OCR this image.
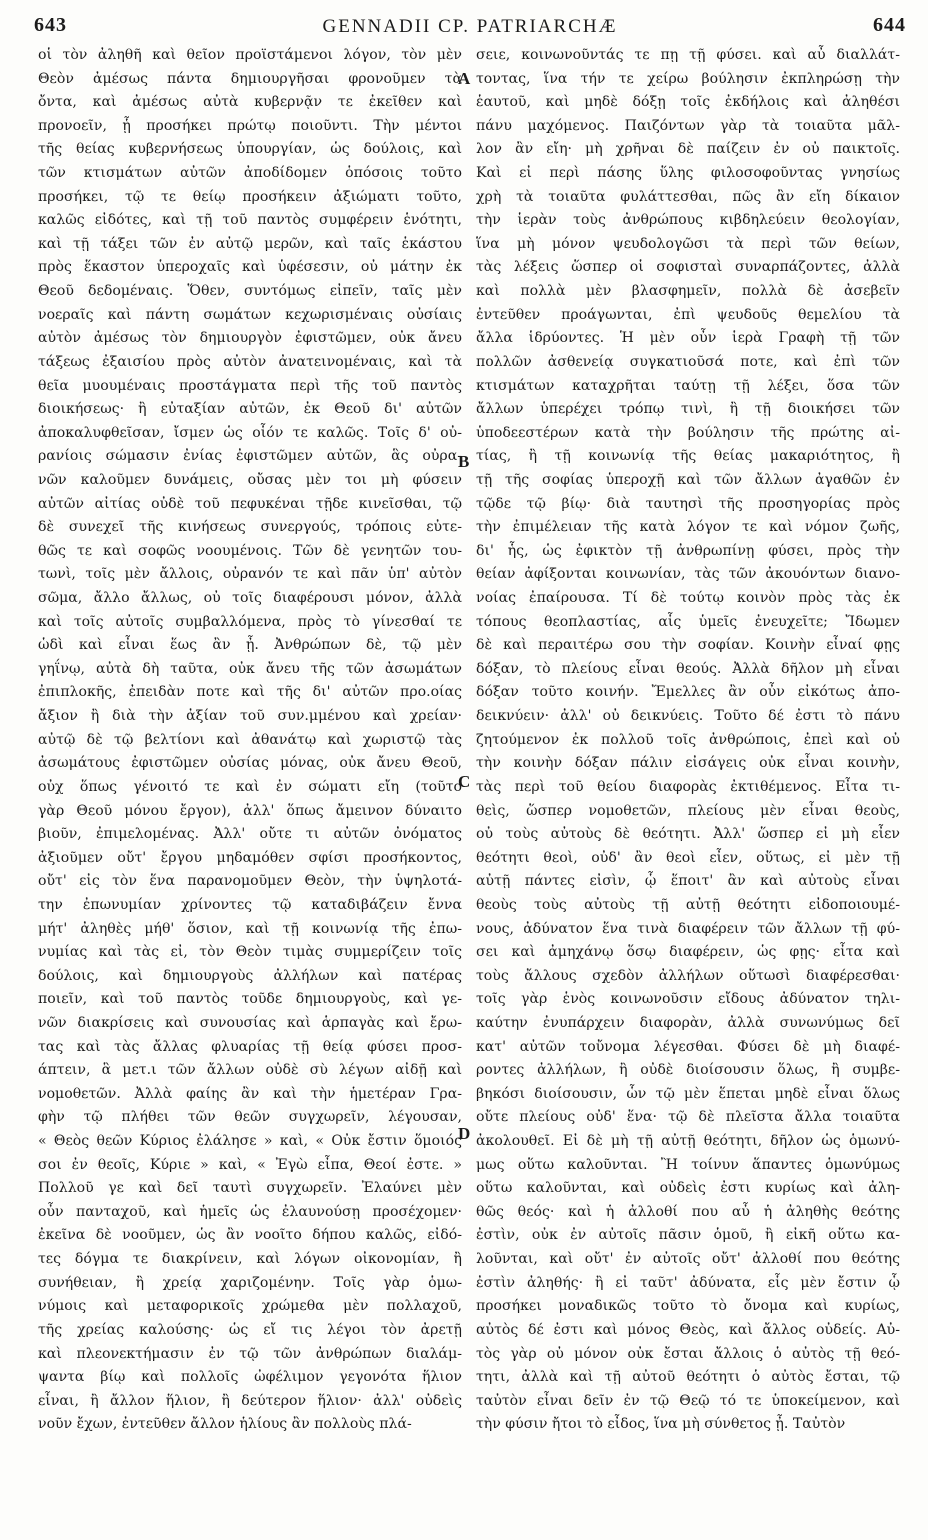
643	GENNADII CP. PATRIARCHÆ	644
A
B
C
D
οἱ τὸν ἀληθῆ καὶ θεῖον προϊστάμενοι λόγον, τὸν μὲν
Θεὸν ἀμέσως πάντα δημιουργῆσαι φρονοῦμεν τὰ
ὄντα, καὶ ἀμέσως αὐτὰ κυβερνᾷν τε ἐκεῖθεν καὶ
προνοεῖν, ᾗ προσήκει πρώτῳ ποιοῦντι. Τὴν μέντοι
τῆς θείας κυβερνήσεως ὑπουργίαν, ὡς δούλοις, καὶ
τῶν κτισμάτων αὐτῶν ἀποδίδομεν ὁπόσοις τοῦτο
προσήκει, τῷ τε θείῳ προσήκειν ἀξιώματι τοῦτο,
καλῶς εἰδότες, καὶ τῇ τοῦ παντὸς συμφέρειν ἑνότητι,
καὶ τῇ τάξει τῶν ἐν αὐτῷ μερῶν, καὶ ταῖς ἑκάστου
πρὸς ἕκαστον ὑπεροχαῖς καὶ ὑφέσεσιν, οὐ μάτην ἐκ
Θεοῦ δεδομέναις. Ὅθεν, συντόμως εἰπεῖν, ταῖς μὲν
νοεραῖς καὶ πάντη σωμάτων κεχωρισμέναις οὐσίαις
αὐτὸν ἀμέσως τὸν δημιουργὸν ἐφιστῶμεν, οὐκ ἄνευ
τάξεως ἐξαισίου πρὸς αὐτὸν ἀνατεινομέναις, καὶ τὰ
θεῖα μυουμέναις προστάγματα περὶ τῆς τοῦ παντὸς
διοικήσεως· ἢ εὐταξίαν αὐτῶν, ἐκ Θεοῦ δι' αὐτῶν
ἀποκαλυφθεῖσαν, ἴσμεν ὡς οἷόν τε καλῶς. Τοῖς δ' οὐ-
ρανίοις σώμασιν ἐνίας ἐφιστῶμεν αὐτῶν, ἃς οὐρα-
νῶν καλοῦμεν δυνάμεις, οὔσας μὲν τοι μὴ φύσειν
αὐτῶν αἰτίας οὐδὲ τοῦ πεφυκέναι τῇδε κινεῖσθαι, τῷ
δὲ συνεχεῖ τῆς κινήσεως συνεργούς, τρόποις εὐτε-
θῶς τε καὶ σοφῶς νοουμένοις. Τῶν δὲ γενητῶν του-
τωνὶ, τοῖς μὲν ἄλλοις, οὐρανόν τε καὶ πᾶν ὑπ' αὐτὸν
σῶμα, ἄλλο ἄλλως, οὐ τοῖς διαφέρουσι μόνον, ἀλλὰ
καὶ τοῖς αὐτοῖς συμβαλλόμενα, πρὸς τὸ γίνεσθαί τε
ὡδὶ καὶ εἶναι ἕως ἂν ᾖ. Ἀνθρώπων δὲ, τῷ μὲν
γηΐνῳ, αὐτὰ δὴ ταῦτα, οὐκ ἄνευ τῆς τῶν ἀσωμάτων
ἐπιπλοκῆς, ἐπειδὰν ποτε καὶ τῆς δι' αὐτῶν προ.οίας
ἄξιον ἢ διὰ τὴν ἀξίαν τοῦ συν.μμένου καὶ χρείαν·
αὐτῷ δὲ τῷ βελτίονι καὶ ἀθανάτῳ καὶ χωριστῷ τὰς
ἀσωμάτους ἐφιστῶμεν οὐσίας μόνας, οὐκ ἄνευ Θεοῦ,
οὐχ ὅπως γένοιτό τε καὶ ἐν σώματι εἴη (τοῦτο
γὰρ Θεοῦ μόνου ἔργον), ἀλλ' ὅπως ἄμεινον δύναιτο
βιοῦν, ἐπιμελομένας. Ἀλλ' οὔτε τι αὐτῶν ὀνόματος
ἀξιοῦμεν οὔτ' ἔργου μηδαμόθεν σφίσι προσήκοντος,
οὔτ' εἰς τὸν ἕνα παρανομοῦμεν Θεὸν, τὴν ὑψηλοτά-
την ἐπωνυμίαν χρίνοντες τῷ καταδιβάζειν ἔννα
μήτ' ἀληθὲς μήθ' ὅσιον, καὶ τῇ κοινωνίᾳ τῆς ἐπω-
νυμίας καὶ τὰς εἰ, τὸν Θεὸν τιμὰς συμμερίζειν τοῖς
δούλοις, καὶ δημιουργοὺς ἀλλήλων καὶ πατέρας
ποιεῖν, καὶ τοῦ παντὸς τοῦδε δημιουργοὺς, καὶ γε-
νῶν διακρίσεις καὶ συνουσίας καὶ ἁρπαγὰς καὶ ἔρω-
τας καὶ τὰς ἄλλας φλυαρίας τῇ θείᾳ φύσει προσ-
άπτειν, ἃ μετ.ι τῶν ἄλλων οὐδὲ σὺ λέγων αἰδῇ καὶ
νομοθετῶν. Ἀλλὰ φαίης ἂν καὶ τὴν ἡμετέραν Γρα-
φὴν τῷ πλήθει τῶν θεῶν συγχωρεῖν, λέγουσαν,
« Θεὸς θεῶν Κύριος ἐλάλησε » καὶ, « Οὐκ ἔστιν ὅμοιός
σοι ἐν θεοῖς, Κύριε » καὶ, « Ἐγὼ εἶπα, Θεοί ἐστε. »
Πολλοῦ γε καὶ δεῖ ταυτὶ συγχωρεῖν. Ἐλαύνει μὲν
οὖν πανταχοῦ, καὶ ἡμεῖς ὡς ἐλαυνούσῃ προσέχομεν·
ἐκεῖνα δὲ νοοῦμεν, ὡς ἂν νοοῖτο δήπου καλῶς, εἰδό-
τες δόγμα τε διακρίνειν, καὶ λόγων οἰκονομίαν, ἢ
συνήθειαν, ἢ χρείᾳ χαριζομένην. Τοῖς γὰρ ὁμω-
νύμοις καὶ μεταφορικοῖς χρώμεθα μὲν πολλαχοῦ,
τῆς χρείας καλούσης· ὡς εἴ τις λέγοι τὸν ἀρετῇ
καὶ πλεονεκτήμασιν ἐν τῷ τῶν ἀνθρώπων διαλάμ-
ψαντα βίῳ καὶ πολλοῖς ὠφέλιμον γεγονότα ἥλιον
εἶναι, ἢ ἄλλον ἥλιον, ἢ δεύτερον ἥλιον· ἀλλ' οὐδεὶς
νοῦν ἔχων, ἐντεῦθεν ἄλλον ἡλίους ἂν πολλοὺς πλά-
σειε, κοινωνοῦντάς τε πῃ τῇ φύσει. καὶ αὖ διαλλάτ-
τοντας, ἵνα τήν τε χείρω βούλησιν ἐκπληρώσῃ τὴν
ἑαυτοῦ, καὶ μηδὲ δόξῃ τοῖς ἐκδήλοις καὶ ἀληθέσι
πάνυ μαχόμενος. Παιζόντων γὰρ τὰ τοιαῦτα μᾶλ-
λον ἂν εἴη· μὴ χρῆναι δὲ παίζειν ἐν οὐ παικτοῖς.
Καὶ εἰ περὶ πάσης ὕλης φιλοσοφοῦντας γνησίως
χρὴ τὰ τοιαῦτα φυλάττεσθαι, πῶς ἂν εἴη δίκαιον
τὴν ἱερὰν τοὺς ἀνθρώπους κιβδηλεύειν θεολογίαν,
ἵνα μὴ μόνον ψευδολογῶσι τὰ περὶ τῶν θείων,
τὰς λέξεις ὥσπερ οἱ σοφισταὶ συναρπάζοντες, ἀλλὰ
καὶ πολλὰ μὲν βλασφημεῖν, πολλὰ δὲ ἀσεβεῖν
ἐντεῦθεν προάγωνται, ἐπὶ ψευδοῦς θεμελίου τὰ
ἄλλα ἱδρύοντες. Ἡ μὲν οὖν ἱερὰ Γραφὴ τῇ τῶν
πολλῶν ἀσθενείᾳ συγκατιοῦσά ποτε, καὶ ἐπὶ τῶν
κτισμάτων καταχρῆται ταύτῃ τῇ λέξει, ὅσα τῶν
ἄλλων ὑπερέχει τρόπῳ τινὶ, ἢ τῇ διοικήσει τῶν
ὑποδεεστέρων κατὰ τὴν βούλησιν τῆς πρώτης αἰ-
τίας, ἢ τῇ κοινωνίᾳ τῆς θείας μακαριότητος, ἢ
τῇ τῆς σοφίας ὑπεροχῇ καὶ τῶν ἄλλων ἀγαθῶν ἐν
τῷδε τῷ βίῳ· διὰ ταυτησὶ τῆς προσηγορίας πρὸς
τὴν ἐπιμέλειαν τῆς κατὰ λόγον τε καὶ νόμον ζωῆς,
δι' ἧς, ὡς ἐφικτὸν τῇ ἀνθρωπίνῃ φύσει, πρὸς τὴν
θείαν ἀφίξονται κοινωνίαν, τὰς τῶν ἀκουόντων διανο-
νοίας ἐπαίρουσα. Τί δὲ τούτῳ κοινὸν πρὸς τὰς ἐκ
τόπους θεοπλαστίας, αἷς ὑμεῖς ἐνευχεῖτε; Ἴδωμεν
δὲ καὶ περαιτέρω σου τὴν σοφίαν. Κοινὴν εἶναί φῃς
δόξαν, τὸ πλείους εἶναι θεούς. Ἀλλὰ δῆλον μὴ εἶναι
δόξαν τοῦτο κοινήν. Ἔμελλες ἂν οὖν εἰκότως ἀπο-
δεικνύειν· ἀλλ' οὐ δεικνύεις. Τοῦτο δέ ἐστι τὸ πάνυ
ζητούμενον ἐκ πολλοῦ τοῖς ἀνθρώποις, ἐπεὶ καὶ οὐ
τὴν κοινὴν δόξαν πάλιν εἰσάγεις οὐκ εἶναι κοινὴν,
τὰς περὶ τοῦ θείου διαφορὰς ἐκτιθέμενος. Εἶτα τι-
θεὶς, ὥσπερ νομοθετῶν, πλείους μὲν εἶναι θεοὺς,
οὐ τοὺς αὐτοὺς δὲ θεότητι. Ἀλλ' ὥσπερ εἰ μὴ εἶεν
θεότητι θεοὶ, οὐδ' ἂν θεοὶ εἶεν, οὕτως, εἰ μὲν τῇ
αὐτῇ πάντες εἰσὶν, ᾧ ἕποιτ' ἂν καὶ αὐτοὺς εἶναι
θεοὺς τοὺς αὐτοὺς τῇ αὐτῇ θεότητι εἰδοποιουμέ-
νους, ἀδύνατον ἕνα τινὰ διαφέρειν τῶν ἄλλων τῇ φύ-
σει καὶ ἀμηχάνῳ ὅσῳ διαφέρειν, ὡς φῃς· εἶτα καὶ
τοὺς ἄλλους σχεδὸν ἀλλήλων οὕτωσὶ διαφέρεσθαι·
τοῖς γὰρ ἑνὸς κοινωνοῦσιν εἴδους ἀδύνατον τηλι-
καύτην ἐνυπάρχειν διαφορὰν, ἀλλὰ συνωνύμως δεῖ
κατ' αὐτῶν τοὔνομα λέγεσθαι. Φύσει δὲ μὴ διαφέ-
ροντες ἀλλήλων, ἢ οὐδὲ διοίσουσιν ὅλως, ἢ συμβε-
βηκόσι διοίσουσιν, ὧν τῷ μὲν ἕπεται μηδὲ εἶναι ὅλως
οὔτε πλείους οὐδ' ἕνα· τῷ δὲ πλεῖστα ἄλλα τοιαῦτα
ἀκολουθεῖ. Εἰ δὲ μὴ τῇ αὐτῇ θεότητι, δῆλον ὡς ὁμωνύ-
μως οὕτω καλοῦνται. Ἢ τοίνυν ἅπαντες ὁμωνύμως
οὕτω καλοῦνται, καὶ οὐδεὶς ἐστι κυρίως καὶ ἀλη-
θῶς θεός· καὶ ἡ ἀλλοθί που αὖ ἡ ἀληθὴς θεότης
ἐστὶν, οὐκ ἐν αὐτοῖς πᾶσιν ὁμοῦ, ἢ εἰκῆ οὕτω κα-
λοῦνται, καὶ οὔτ' ἐν αὐτοῖς οὔτ' ἀλλοθί που θεότης
ἐστὶν ἀληθής· ἢ εἰ ταῦτ' ἀδύνατα, εἷς μὲν ἔστιν ᾧ
προσήκει μοναδικῶς τοῦτο τὸ ὄνομα καὶ κυρίως,
αὐτὸς δέ ἐστι καὶ μόνος Θεὸς, καὶ ἄλλος οὐδείς. Αὐ-
τὸς γὰρ οὐ μόνον οὐκ ἔσται ἄλλοις ὁ αὐτὸς τῇ θεό-
τητι, ἀλλὰ καὶ τῇ αὐτοῦ θεότητι ὁ αὐτὸς ἔσται, τῷ
ταὐτὸν εἶναι δεῖν ἐν τῷ Θεῷ τό τε ὑποκείμενον, καὶ
τὴν φύσιν ἤτοι τὸ εἶδος, ἵνα μὴ σύνθετος ᾖ. Ταὐτὸν
